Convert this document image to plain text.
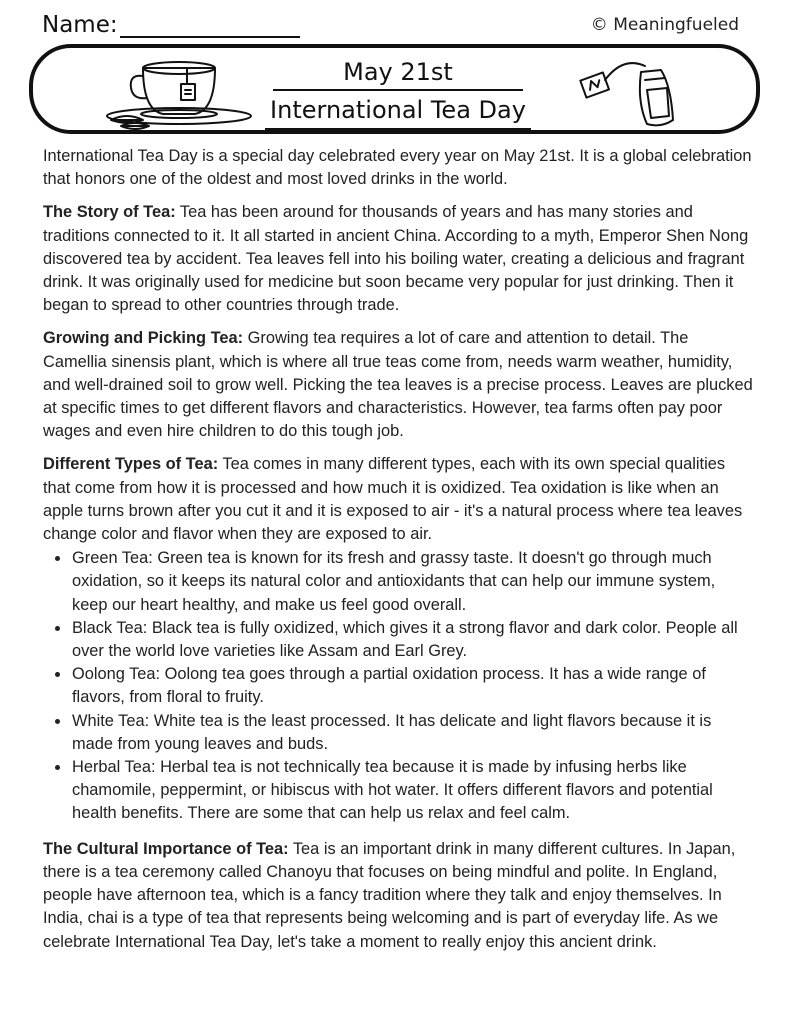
Name:	© Meaningfueled
May 21st
International Tea Day

International Tea Day is a special day celebrated every year on May 21st. It is a global celebration that honors one of the oldest and most loved drinks in the world.

The Story of Tea: Tea has been around for thousands of years and has many stories and traditions connected to it. It all started in ancient China. According to a myth, Emperor Shen Nong discovered tea by accident. Tea leaves fell into his boiling water, creating a delicious and fragrant drink. It was originally used for medicine but soon became very popular for just drinking. Then it began to spread to other countries through trade.

Growing and Picking Tea: Growing tea requires a lot of care and attention to detail. The Camellia sinensis plant, which is where all true teas come from, needs warm weather, humidity, and well-drained soil to grow well. Picking the tea leaves is a precise process. Leaves are plucked at specific times to get different flavors and characteristics. However, tea farms often pay poor wages and even hire children to do this tough job.

Different Types of Tea: Tea comes in many different types, each with its own special qualities that come from how it is processed and how much it is oxidized. Tea oxidation is like when an apple turns brown after you cut it and it is exposed to air - it's a natural process where tea leaves change color and flavor when they are exposed to air.

• Green Tea: Green tea is known for its fresh and grassy taste. It doesn't go through much oxidation, so it keeps its natural color and antioxidants that can help our immune system, keep our heart healthy, and make us feel good overall.
• Black Tea: Black tea is fully oxidized, which gives it a strong flavor and dark color. People all over the world love varieties like Assam and Earl Grey.
• Oolong Tea: Oolong tea goes through a partial oxidation process. It has a wide range of flavors, from floral to fruity.
• White Tea: White tea is the least processed. It has delicate and light flavors because it is made from young leaves and buds.
• Herbal Tea: Herbal tea is not technically tea because it is made by infusing herbs like chamomile, peppermint, or hibiscus with hot water. It offers different flavors and potential health benefits. There are some that can help us relax and feel calm.

The Cultural Importance of Tea: Tea is an important drink in many different cultures. In Japan, there is a tea ceremony called Chanoyu that focuses on being mindful and polite. In England, people have afternoon tea, which is a fancy tradition where they talk and enjoy themselves. In India, chai is a type of tea that represents being welcoming and is part of everyday life. As we celebrate International Tea Day, let's take a moment to really enjoy this ancient drink.
